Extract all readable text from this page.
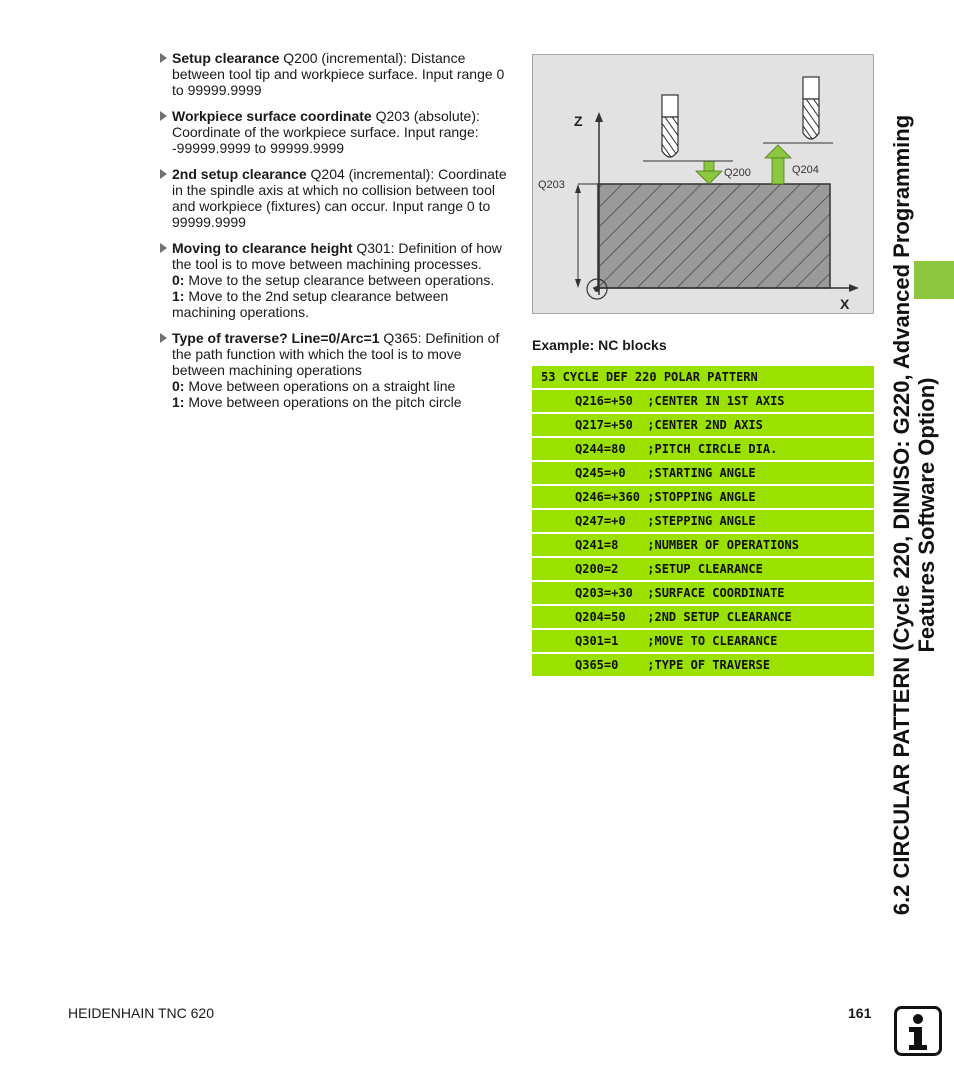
Setup clearance Q200 (incremental): Distance between tool tip and workpiece surface. Input range 0 to 99999.9999
Workpiece surface coordinate Q203 (absolute): Coordinate of the workpiece surface. Input range: -99999.9999 to 99999.9999
2nd setup clearance Q204 (incremental): Coordinate in the spindle axis at which no collision between tool and workpiece (fixtures) can occur. Input range 0 to 99999.9999
Moving to clearance height Q301: Definition of how the tool is to move between machining processes.
0: Move to the setup clearance between operations.
1: Move to the 2nd setup clearance between machining operations.
Type of traverse? Line=0/Arc=1 Q365: Definition of the path function with which the tool is to move between machining operations
0: Move between operations on a straight line
1: Move between operations on the pitch circle
Z
X
Q203
Q200	Q204
Example: NC blocks
53 CYCLE DEF 220 POLAR PATTERN
Q216=+50  ;CENTER IN 1ST AXIS
Q217=+50  ;CENTER 2ND AXIS
Q244=80   ;PITCH CIRCLE DIA.
Q245=+0   ;STARTING ANGLE
Q246=+360 ;STOPPING ANGLE
Q247=+0   ;STEPPING ANGLE
Q241=8    ;NUMBER OF OPERATIONS
Q200=2    ;SETUP CLEARANCE
Q203=+30  ;SURFACE COORDINATE
Q204=50   ;2ND SETUP CLEARANCE
Q301=1    ;MOVE TO CLEARANCE
Q365=0    ;TYPE OF TRAVERSE	6.2 CIRCULAR PATTERN (Cycle 220, DIN/ISO: G220, Advanced Programming Features Software Option)
HEIDENHAIN TNC 620	161
